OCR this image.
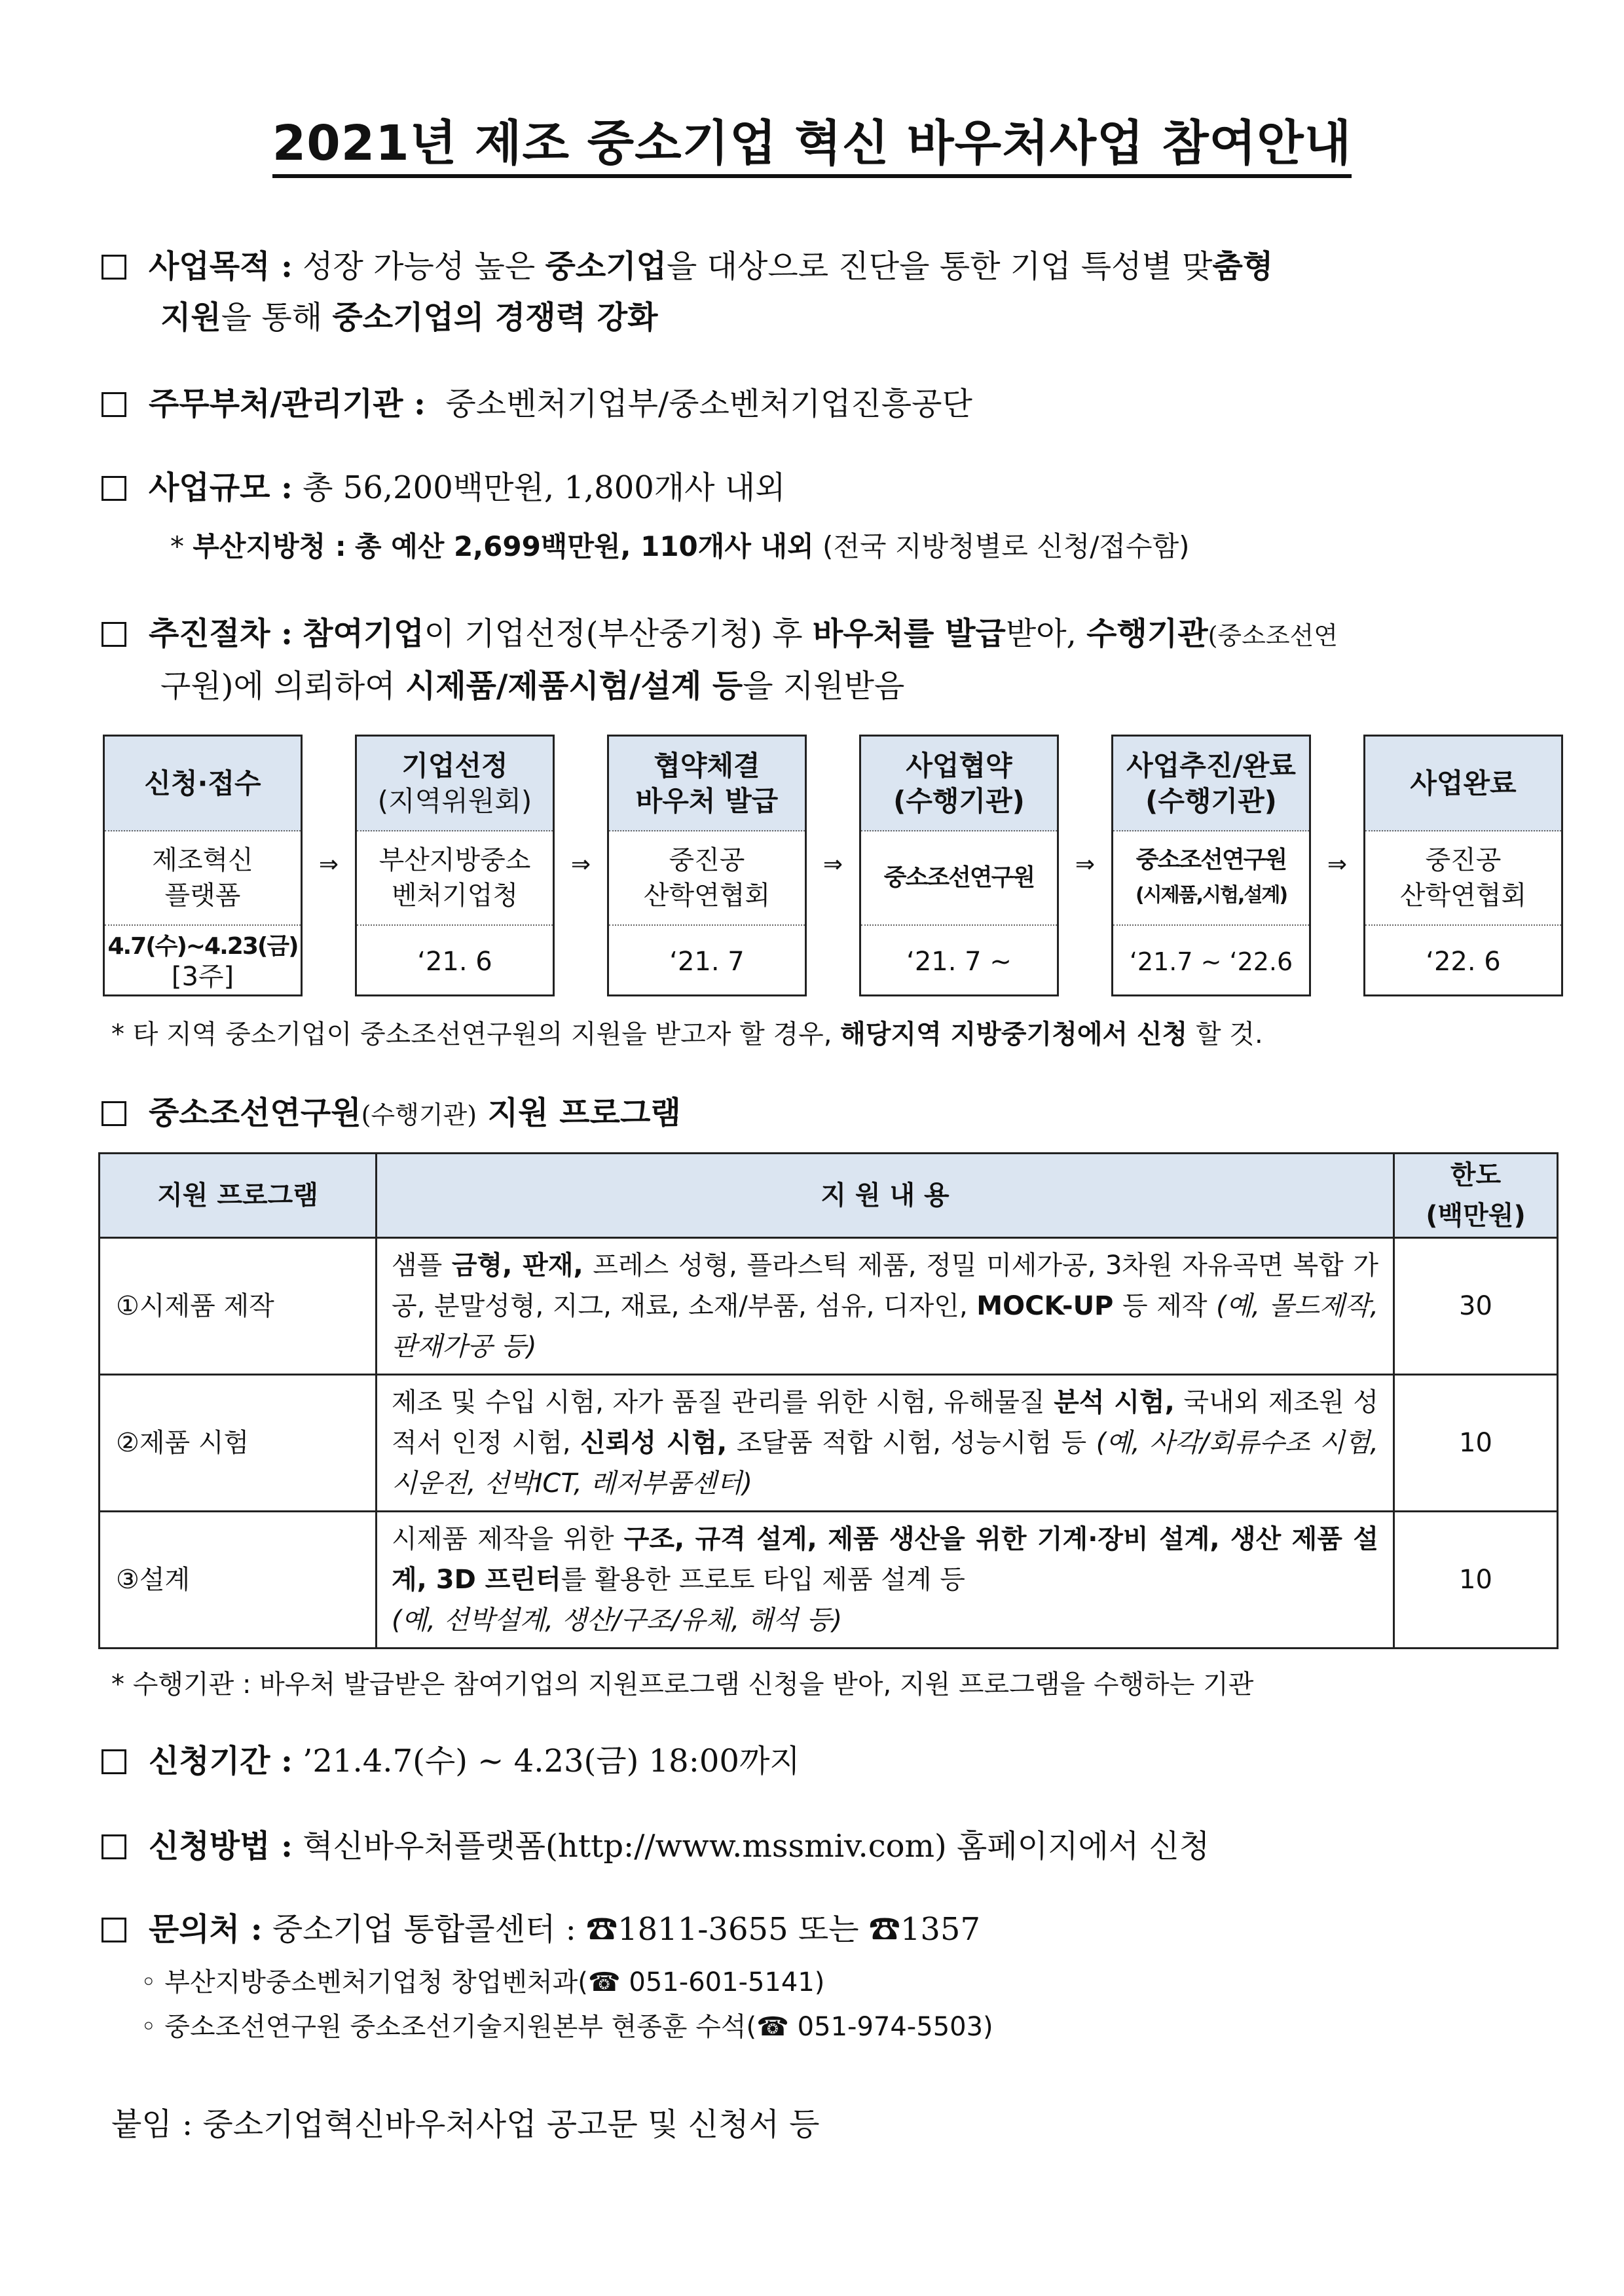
2021년 제조 중소기업 혁신 바우처사업 참여안내
사업목적 : 성장 가능성 높은 중소기업을 대상으로 진단을 통한 기업 특성별 맞춤형
지원을 통해 중소기업의 경쟁력 강화
주무부처/관리기관 : 중소벤처기업부/중소벤처기업진흥공단
사업규모 : 총 56,200백만원, 1,800개사 내외
* 부산지방청 : 총 예산 2,699백만원, 110개사 내외 (전국 지방청별로 신청/접수함)
추진절차 : 참여기업이 기업선정(부산중기청) 후 바우처를 발급받아, 수행기관(중소조선연
구원)에 의뢰하여 시제품/제품시험/설계 등을 지원받음
신청·접수
제조혁신
플랫폼
4.7(수)~4.23(금)
[3주]
⇒
기업선정
(지역위원회)
부산지방중소
벤처기업청
‘21. 6
⇒
협약체결
바우처 발급
중진공
산학연협회
‘21. 7
⇒
사업협약
(수행기관)
중소조선연구원
‘21. 7 ~
⇒
사업추진/완료
(수행기관)
중소조선연구원
(시제품,시험,설계)
‘21.7 ~ ‘22.6
⇒
사업완료
중진공
산학연협회
‘22. 6
* 타 지역 중소기업이 중소조선연구원의 지원을 받고자 할 경우, 해당지역 지방중기청에서 신청 할 것.
중소조선연구원(수행기관) 지원 프로그램
지원 프로그램	지 원 내 용	한도
(백만원)

①시제품 제작	샘플 금형, 판재, 프레스 성형, 플라스틱 제품, 정밀 미세가공, 3차원 자유곡면 복합 가공, 분말성형, 지그, 재료, 소재/부품, 섬유, 디자인, MOCK-UP 등 제작 (예, 몰드제작, 판재가공 등)	30
②제품 시험	제조 및 수입 시험, 자가 품질 관리를 위한 시험, 유해물질 분석 시험, 국내외 제조원 성적서 인정 시험, 신뢰성 시험, 조달품 적합 시험, 성능시험 등 (예, 사각/회류수조 시험, 시운전, 선박ICT, 레저부품센터)	10
③설계	시제품 제작을 위한 구조, 규격 설계, 제품 생산을 위한 기계·장비 설계, 생산 제품 설계, 3D 프린터를 활용한 프로토 타입 제품 설계 등
(예, 선박설계, 생산/구조/유체, 해석 등)	10
* 수행기관 : 바우처 발급받은 참여기업의 지원프로그램 신청을 받아, 지원 프로그램을 수행하는 기관
신청기간 : ’21.4.7(수) ~ 4.23(금) 18:00까지
신청방법 : 혁신바우처플랫폼(http://www.mssmiv.com) 홈페이지에서 신청
문의처 : 중소기업 통합콜센터 : ☎1811-3655 또는 ☎1357
◦ 부산지방중소벤처기업청 창업벤처과(☎ 051-601-5141)
◦ 중소조선연구원 중소조선기술지원본부 현종훈 수석(☎ 051-974-5503)
붙임 : 중소기업혁신바우처사업 공고문 및 신청서 등
